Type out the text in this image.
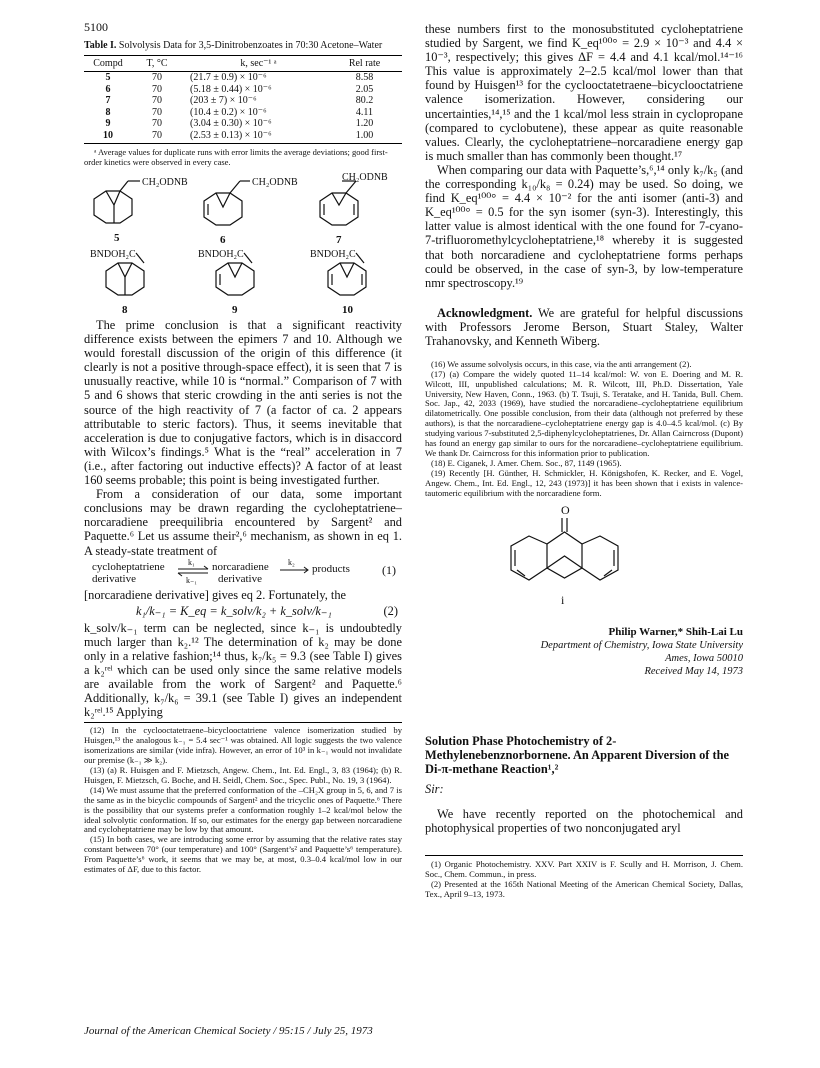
5100
Table I. Solvolysis Data for 3,5-Dinitrobenzoates in 70:30 Acetone–Water
Compd	T, °C	k, sec⁻¹ ᵃ	Rel rate
5	70	(21.7 ± 0.9) × 10⁻⁶	8.58
6	70	(5.18 ± 0.44) × 10⁻⁶	2.05
7	70	(203 ± 7) × 10⁻⁶	80.2
8	70	(10.4 ± 0.2) × 10⁻⁶	4.11
9	70	(3.04 ± 0.30) × 10⁻⁶	1.20
10	70	(2.53 ± 0.13) × 10⁻⁶	1.00
ᵃ Average values for duplicate runs with error limits the average deviations; good first-order kinetics were observed in every case.
CH₂ODNB
5
CH₂ODNB
6
CH₂ODNB
7
BNDOH₂C
8
BNDOH₂C
9
BNDOH₂C
10

The prime conclusion is that a significant reactivity difference exists between the epimers 7 and 10. Although we would forestall discussion of the origin of this difference (it clearly is not a positive through-space effect), it is seen that 7 is unusually reactive, while 10 is “normal.” Comparison of 7 with 5 and 6 shows that steric crowding in the anti series is not the source of the high reactivity of 7 (a factor of ca. 2 appears attributable to steric factors). Thus, it seems inevitable that acceleration is due to conjugative factors, which is in disaccord with Wilcox’s findings.⁵ What is the “real” acceleration in 7 (i.e., after factoring out inductive effects)? A factor of at least 160 seems probable; this point is being investigated further.

From a consideration of our data, some important conclusions may be drawn regarding the cycloheptatriene–norcaradiene preequilibria encountered by Sargent² and Paquette.⁶ Let us assume their²,⁶ mechanism, as shown in eq 1. A steady-state treatment of

cycloheptatriene
derivative
k₁
k₋₁
norcaradiene
derivative
k₂
products	(1)

[norcaradiene derivative] gives eq 2. Fortunately, the

k₁/k₋₁ = K_eq = k_solv/k₂ + k_solv/k₋₁	(2)

k_solv/k₋₁ term can be neglected, since k₋₁ is undoubtedly much larger than k₂.¹² The determination of k₂ may be done only in a relative fashion;¹⁴ thus, k₇/k₅ = 9.3 (see Table I) gives a k₂ʳᵉˡ which can be used only since the same relative models are available from the work of Sargent² and Paquette.⁶ Additionally, k₇/k₆ = 39.1 (see Table I) gives an independent k₂ʳᵉˡ.¹⁵ Applying

(12) In the cyclooctatetraene–bicyclooctatriene valence isomerization studied by Huisgen,¹³ the analogous k₋₁ = 5.4 sec⁻¹ was obtained. All logic suggests the two valence isomerizations are similar (vide infra). However, an error of 10³ in k₋₁ would not invalidate our premise (k₋₁ ≫ k₂).

(13) (a) R. Huisgen and F. Mietzsch, Angew. Chem., Int. Ed. Engl., 3, 83 (1964); (b) R. Huisgen, F. Mietzsch, G. Boche, and H. Seidl, Chem. Soc., Spec. Publ., No. 19, 3 (1964).

(14) We must assume that the preferred conformation of the –CH₂X group in 5, 6, and 7 is the same as in the bicyclic compounds of Sargent² and the tricyclic ones of Paquette.⁶ There is the possibility that our systems prefer a conformation roughly 1–2 kcal/mol below the ideal solvolytic conformation. If so, our estimates for the energy gap between norcaradiene and cycloheptatriene may be low by that amount.

(15) In both cases, we are introducing some error by assuming that the relative rates stay constant between 70° (our temperature) and 100° (Sargent’s² and Paquette’s⁶ temperature). From Paquette’s⁶ work, it seems that we may be, at most, 0.3–0.4 kcal/mol low in our estimates of ΔF, due to this factor.

these numbers first to the monosubstituted cycloheptatriene studied by Sargent, we find K_eq¹⁰⁰° = 2.9 × 10⁻³ and 4.4 × 10⁻³, respectively; this gives ΔF = 4.4 and 4.1 kcal/mol.¹⁴⁻¹⁶ This value is approximately 2–2.5 kcal/mol lower than that found by Huisgen¹³ for the cyclooctatetraene–bicyclooctatriene valence isomerization. However, considering our uncertainties,¹⁴,¹⁵ and the 1 kcal/mol less strain in cyclopropane (compared to cyclobutene), these appear as quite reasonable values. Clearly, the cycloheptatriene–norcaradiene energy gap is much smaller than has commonly been thought.¹⁷

When comparing our data with Paquette’s,⁶,¹⁴ only k₇/k₅ (and the corresponding k₁₀/k₈ = 0.24) may be used. So doing, we find K_eq¹⁰⁰° = 4.4 × 10⁻² for the anti isomer (anti-3) and K_eq¹⁰⁰° = 0.5 for the syn isomer (syn-3). Interestingly, this latter value is almost identical with the one found for 7-cyano-7-trifluoromethylcycloheptatriene,¹⁸ whereby it is suggested that both norcaradiene and cycloheptatriene forms perhaps could be observed, in the case of syn-3, by low-temperature nmr spectroscopy.¹⁹

Acknowledgment. We are grateful for helpful discussions with Professors Jerome Berson, Stuart Staley, Walter Trahanovsky, and Kenneth Wiberg.

(16) We assume solvolysis occurs, in this case, via the anti arrangement (2).

(17) (a) Compare the widely quoted 11–14 kcal/mol: W. von E. Doering and M. R. Wilcott, III, unpublished calculations; M. R. Wilcott, III, Ph.D. Dissertation, Yale University, New Haven, Conn., 1963. (b) T. Tsuji, S. Teratake, and H. Tanida, Bull. Chem. Soc. Jap., 42, 2033 (1969), have studied the norcaradiene–cycloheptatriene equilibrium dilatometrically. One possible conclusion, from their data (although not preferred by these authors), is that the norcaradiene–cycloheptatriene energy gap is 4.0–4.5 kcal/mol. (c) By studying various 7-substituted 2,5-diphenylcycloheptatrienes, Dr. Allan Cairncross (Dupont) has found an energy gap similar to ours for the norcaradiene–cycloheptatriene equilibrium. We thank Dr. Cairncross for this information prior to publication.

(18) E. Ciganek, J. Amer. Chem. Soc., 87, 1149 (1965).

(19) Recently [H. Günther, H. Schmickler, H. Königshofen, K. Recker, and E. Vogel, Angew. Chem., Int. Ed. Engl., 12, 243 (1973)] it has been shown that i exists in valence-tautomeric equilibrium with the norcaradiene form.

O
i
Philip Warner,* Shih-Lai Lu
Department of Chemistry, Iowa State University
Ames, Iowa 50010
Received May 14, 1973
Solution Phase Photochemistry of 2-Methylenebenznorbornene. An Apparent Diversion of the Di-π-methane Reaction¹,²
Sir:
We have recently reported on the photochemical and photophysical properties of two nonconjugated aryl

(1) Organic Photochemistry. XXV. Part XXIV is F. Scully and H. Morrison, J. Chem. Soc., Chem. Commun., in press.

(2) Presented at the 165th National Meeting of the American Chemical Society, Dallas, Tex., April 9–13, 1973.

Journal of the American Chemical Society / 95:15 / July 25, 1973
